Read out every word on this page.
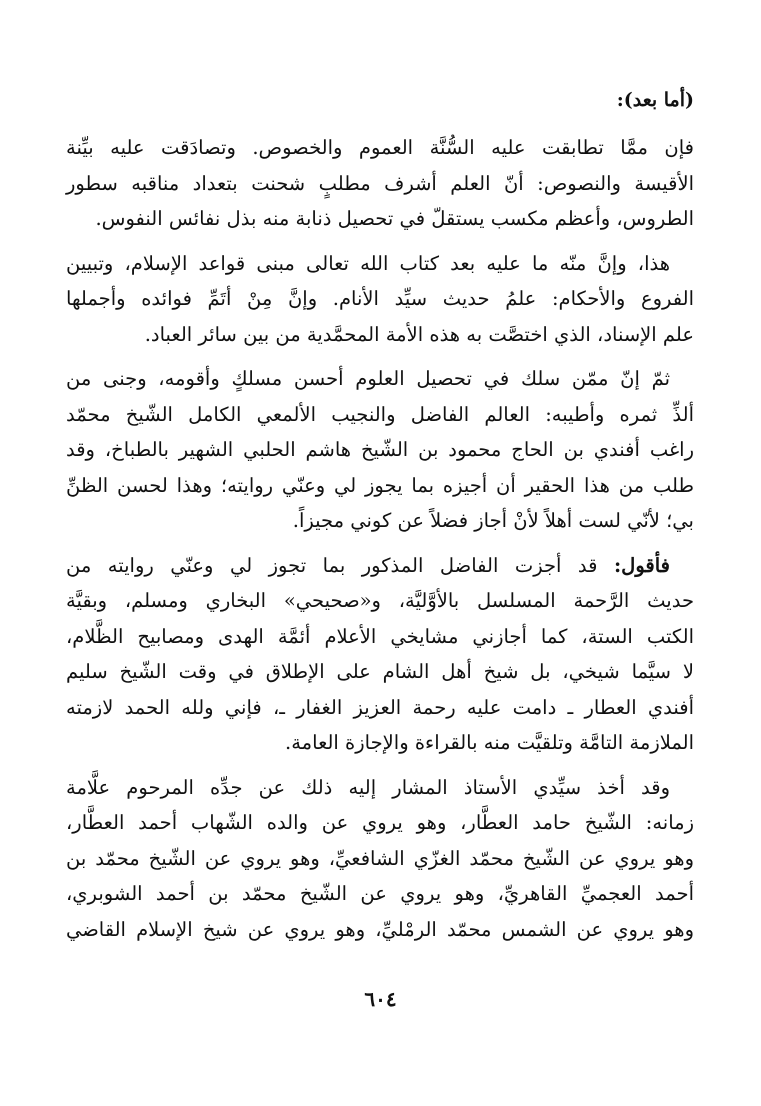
(أما بعد):
فإن ممَّا تطابقت عليه السُّنَّة العموم والخصوص. وتصادَقت عليه بيِّنة
الأقيسة والنصوص: أنّ العلم أشرف مطلبٍ شحنت بتعداد مناقبه سطور
الطروس، وأعظم مكسب يستقلّ في تحصيل ذنابة منه بذل نفائس النفوس.
هذا، وإنَّ منّه ما عليه بعد كتاب الله تعالى مبنى قواعد الإسلام، وتبيين
الفروع والأحكام: علمُ حديث سيِّد الأنام. وإنَّ مِنْ أتَمِّ فوائده وأجملها
علم الإسناد، الذي اختصَّت به هذه الأمة المحمَّدية من بين سائر العباد.
ثمّ إنّ ممّن سلك في تحصيل العلوم أحسن مسلكٍ وأقومه، وجنى من
ألذِّ ثمره وأطيبه: العالم الفاضل والنجيب الألمعي الكامل الشّيخ محمّد
راغب أفندي بن الحاج محمود بن الشّيخ هاشم الحلبي الشهير بالطباخ، وقد
طلب من هذا الحقير أن أجيزه بما يجوز لي وعنّي روايته؛ وهذا لحسن الظنِّ
بي؛ لأنّي لست أهلاً لأنْ أجاز فضلاً عن كوني مجيزاً.
فأقول: قد أجزت الفاضل المذكور بما تجوز لي وعنّي روايته من
حديث الرَّحمة المسلسل بالأوَّليَّة، و«صحيحي» البخاري ومسلم، وبقيَّة
الكتب الستة، كما أجازني مشايخي الأعلام أئمَّة الهدى ومصابيح الظَّلام،
لا سيَّما شيخي، بل شيخ أهل الشام على الإطلاق في وقت الشّيخ سليم
أفندي العطار ـ دامت عليه رحمة العزيز الغفار ـ، فإني ولله الحمد لازمته
الملازمة التامَّة وتلقيَّت منه بالقراءة والإجازة العامة.
وقد أخذ سيِّدي الأستاذ المشار إليه ذلك عن جدِّه المرحوم علَّامة
زمانه: الشّيخ حامد العطَّار، وهو يروي عن والده الشّهاب أحمد العطَّار،
وهو يروي عن الشّيخ محمّد الغزّي الشافعيِّ، وهو يروي عن الشّيخ محمّد بن
أحمد العجميِّ القاهريِّ، وهو يروي عن الشّيخ محمّد بن أحمد الشوبري،
وهو يروي عن الشمس محمّد الرمْليِّ، وهو يروي عن شيخ الإسلام القاضي
٦٠٤
